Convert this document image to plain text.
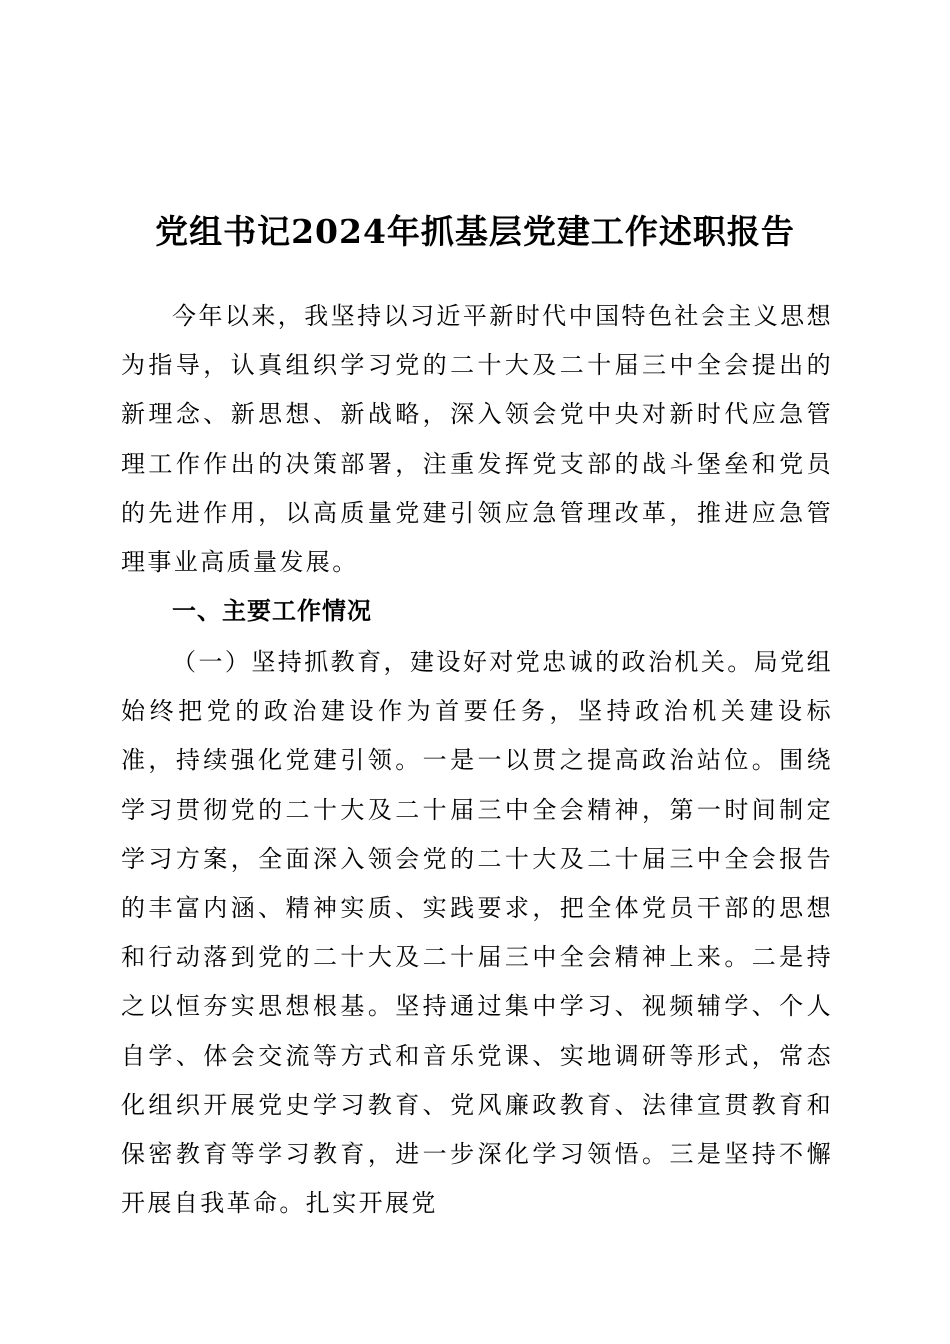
党组书记2024年抓基层党建工作述职报告

今年以来，我坚持以习近平新时代中国特色社会主义思想为指导，认真组织学习党的二十大及二十届三中全会提出的新理念、新思想、新战略，深入领会党中央对新时代应急管理工作作出的决策部署，注重发挥党支部的战斗堡垒和党员的先进作用，以高质量党建引领应急管理改革，推进应急管理事业高质量发展。

一、主要工作情况

（一）坚持抓教育，建设好对党忠诚的政治机关。局党组始终把党的政治建设作为首要任务，坚持政治机关建设标准，持续强化党建引领。一是一以贯之提高政治站位。围绕学习贯彻党的二十大及二十届三中全会精神，第一时间制定学习方案，全面深入领会党的二十大及二十届三中全会报告的丰富内涵、精神实质、实践要求，把全体党员干部的思想和行动落到党的二十大及二十届三中全会精神上来。二是持之以恒夯实思想根基。坚持通过集中学习、视频辅学、个人自学、体会交流等方式和音乐党课、实地调研等形式，常态化组织开展党史学习教育、党风廉政教育、法律宣贯教育和保密教育等学习教育，进一步深化学习领悟。三是坚持不懈开展自我革命。扎实开展党
